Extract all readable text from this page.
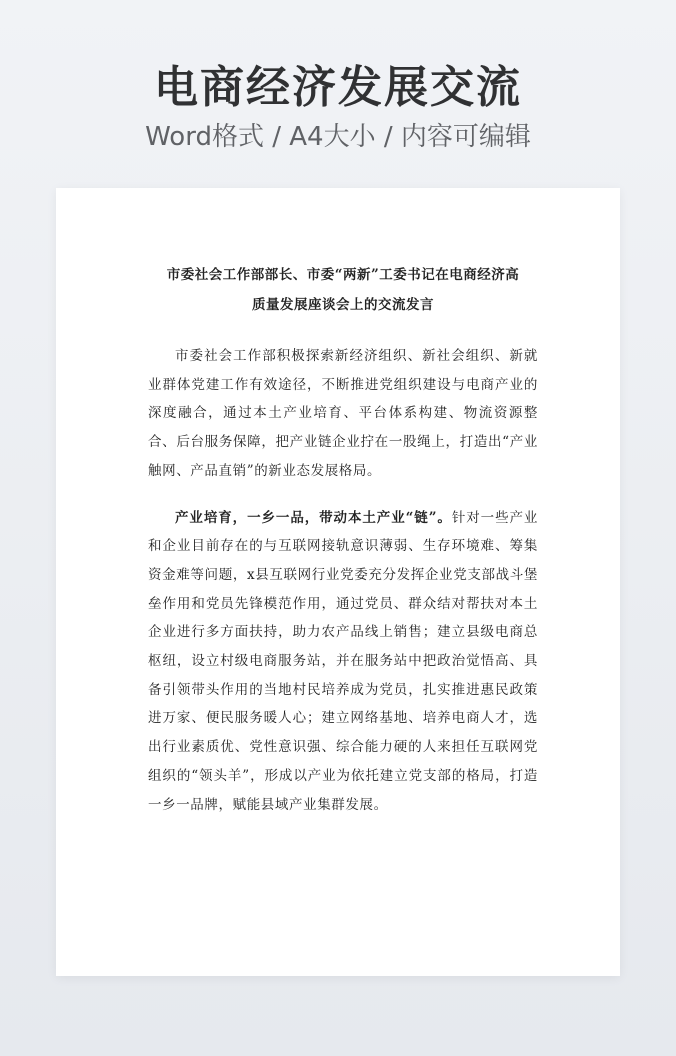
电商经济发展交流
Word格式 / A4大小 / 内容可编辑
市委社会工作部部长、市委“两新”工委书记在电商经济高
质量发展座谈会上的交流发言

市委社会工作部积极探索新经济组织、新社会组织、新就业群体党建工作有效途径，不断推进党组织建设与电商产业的深度融合，通过本土产业培育、平台体系构建、物流资源整合、后台服务保障，把产业链企业拧在一股绳上，打造出“产业触网、产品直销”的新业态发展格局。

产业培育，一乡一品，带动本土产业“链”。针对一些产业和企业目前存在的与互联网接轨意识薄弱、生存环境难、筹集资金难等问题，x县互联网行业党委充分发挥企业党支部战斗堡垒作用和党员先锋模范作用，通过党员、群众结对帮扶对本土企业进行多方面扶持，助力农产品线上销售；建立县级电商总枢纽，设立村级电商服务站，并在服务站中把政治觉悟高、具备引领带头作用的当地村民培养成为党员，扎实推进惠民政策进万家、便民服务暖人心；建立网络基地、培养电商人才，选出行业素质优、党性意识强、综合能力硬的人来担任互联网党组织的“领头羊”，形成以产业为依托建立党支部的格局，打造一乡一品牌，赋能县域产业集群发展。
